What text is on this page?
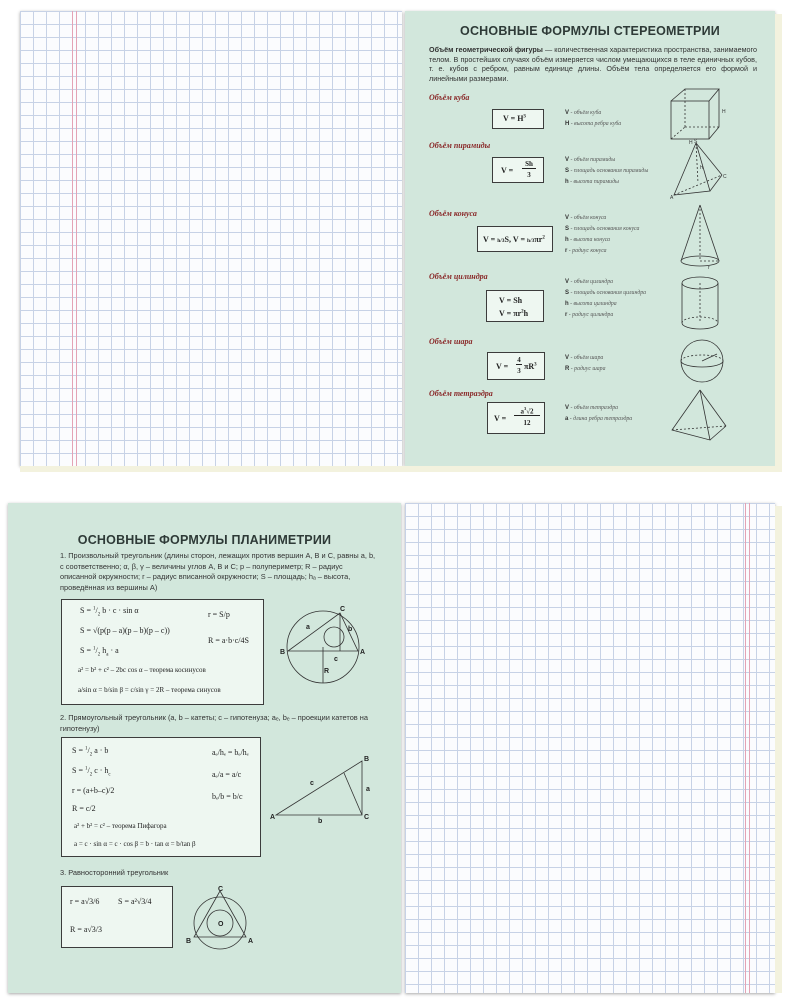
ОСНОВНЫЕ ФОРМУЛЫ СТЕРЕОМЕТРИИ
Объём геометрической фигуры — количественная характеристика пространства, занимаемого телом. В простейших случаях объём измеряется числом умещающихся в теле единичных кубов, т. е. кубов с ребром, равным единице длины. Объём тела определяется его формой и линейными размерами.
Объём куба
$V = H^3$
V - объём куба
H - высота ребра куба
H
H
Объём пирамиды
V =
Sh
3
V - объём пирамиды
S - площадь основания пирамиды
h - высота пирамиды
S
A
C
h
Объём конуса
V = h/3S, $V = h/3\pi r^2$
V - объём конуса
S - площадь основания конуса
h - высота конуса
r - радиус конуса
r
Объём цилиндра
V = Sh
$V = \pi r^2h$
V - объём цилиндра
S - площадь основания цилиндра
h - высота цилиндра
r - радиус цилиндра
Объём шара
V =
4
3 $\pi R^3$
V - объём шара
R - радиус шара
Объём тетраэдра
V =
$a^3√2$
12
V - объём тетраэдра
a - длина ребра тетраэдра
ОСНОВНЫЕ ФОРМУЛЫ ПЛАНИМЕТРИИ
1. Произвольный треугольник (длины сторон, лежащих против вершин A, B и C, равны a, b, c соответственно; α, β, γ – величины углов A, B и C; p – полупериметр; R – радиус описанной окружности; r – радиус вписанной окружности; S – площадь; hₐ – высота, проведённая из вершины A)
$S = ^1/_2$ b · c · sin α
S = √(p(p – a)(p – b)(p – c))
$S = ^1/_2$ $h_a \cdot a$
a² = b² + c² – 2bc cos α – теорема косинусов
a/sin α = b/sin β = c/sin γ = 2R – теорема синусов
r = S/p
R = a·b·c/4S
B
C
A
a	b
c
R
2. Прямоугольный треугольник (a, b – катеты; c – гипотенуза; aₑ, bₑ – проекции катетов на гипотенузу)
$S = ^1/_2$ a · b
$S = ^1/_2$ $c \cdot h_c$
r = (a+b–c)/2
R = c/2
a² + b² = c² – теорема Пифагора
a = c · sin α = c · cos β = b · tan α = b/tan β
aₑ/hₑ = bₑ/hₑ
aₑ/a = a/c
bₑ/b = b/c
A	C
B
b
a
c
3. Равносторонний треугольник
r = a√3/6 S = a²√3/4
R = a√3/3
C
B	A
O
